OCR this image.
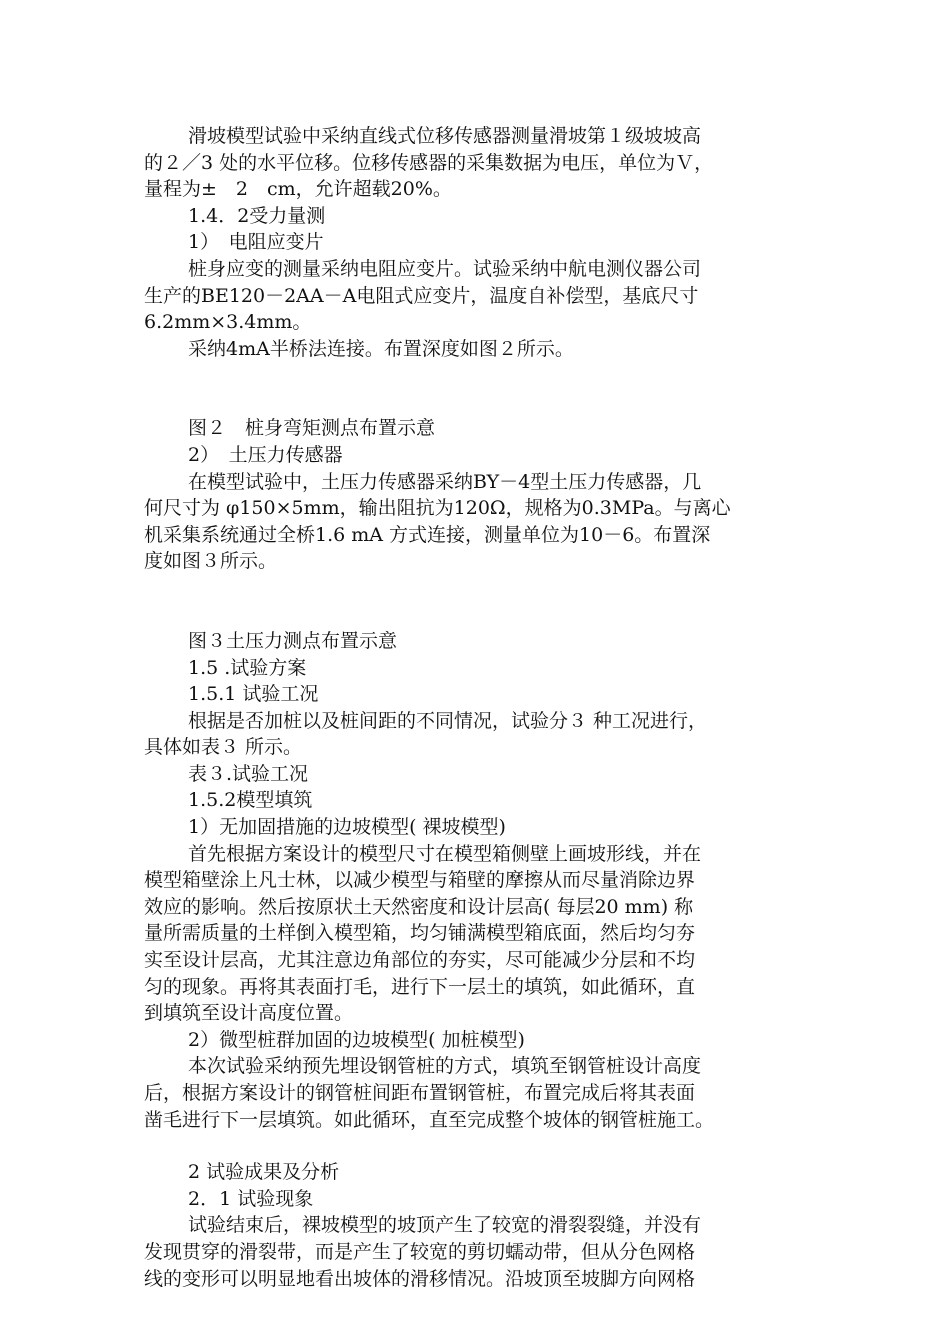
滑坡模型试验中采纳直线式位移传感器测量滑坡第１级坡坡高
的２／3 处的水平位移。位移传感器的采集数据为电压，单位为Ｖ，
量程为±　2　cm，允许超载20%。
1.4．2受力量测
1）　电阻应变片
桩身应变的测量采纳电阻应变片。试验采纳中航电测仪器公司
生产的BE120－2AA－A电阻式应变片，温度自补偿型，基底尺寸
6.2mm×3.4mm。
采纳4mA半桥法连接。布置深度如图２所示。
图２　桩身弯矩测点布置示意
2）　土压力传感器
在模型试验中，土压力传感器采纳BY－4型土压力传感器，几
何尺寸为 φ150×5mm，输出阻抗为120Ω，规格为0.3MPa。与离心
机采集系统通过全桥1.6 mA 方式连接，测量单位为10－6。布置深
度如图３所示。
图３土压力测点布置示意
1.5 .试验方案
1.5.1 试验工况
根据是否加桩以及桩间距的不同情况，试验分３ 种工况进行，
具体如表３ 所示。
表３.试验工况
1.5.2模型填筑
1）无加固措施的边坡模型( 裸坡模型)
首先根据方案设计的模型尺寸在模型箱侧壁上画坡形线，并在
模型箱壁涂上凡士林，以减少模型与箱壁的摩擦从而尽量消除边界
效应的影响。然后按原状土天然密度和设计层高( 每层20 mm) 称
量所需质量的土样倒入模型箱，均匀铺满模型箱底面，然后均匀夯
实至设计层高，尤其注意边角部位的夯实，尽可能减少分层和不均
匀的现象。再将其表面打毛，进行下一层土的填筑，如此循环，直
到填筑至设计高度位置。
2）微型桩群加固的边坡模型( 加桩模型)
本次试验采纳预先埋设钢管桩的方式，填筑至钢管桩设计高度
后，根据方案设计的钢管桩间距布置钢管桩，布置完成后将其表面
凿毛进行下一层填筑。如此循环，直至完成整个坡体的钢管桩施工。
2 试验成果及分析
2．1 试验现象
试验结束后，裸坡模型的坡顶产生了较宽的滑裂裂缝，并没有
发现贯穿的滑裂带，而是产生了较宽的剪切蠕动带，但从分色网格
线的变形可以明显地看出坡体的滑移情况。沿坡顶至坡脚方向网格
